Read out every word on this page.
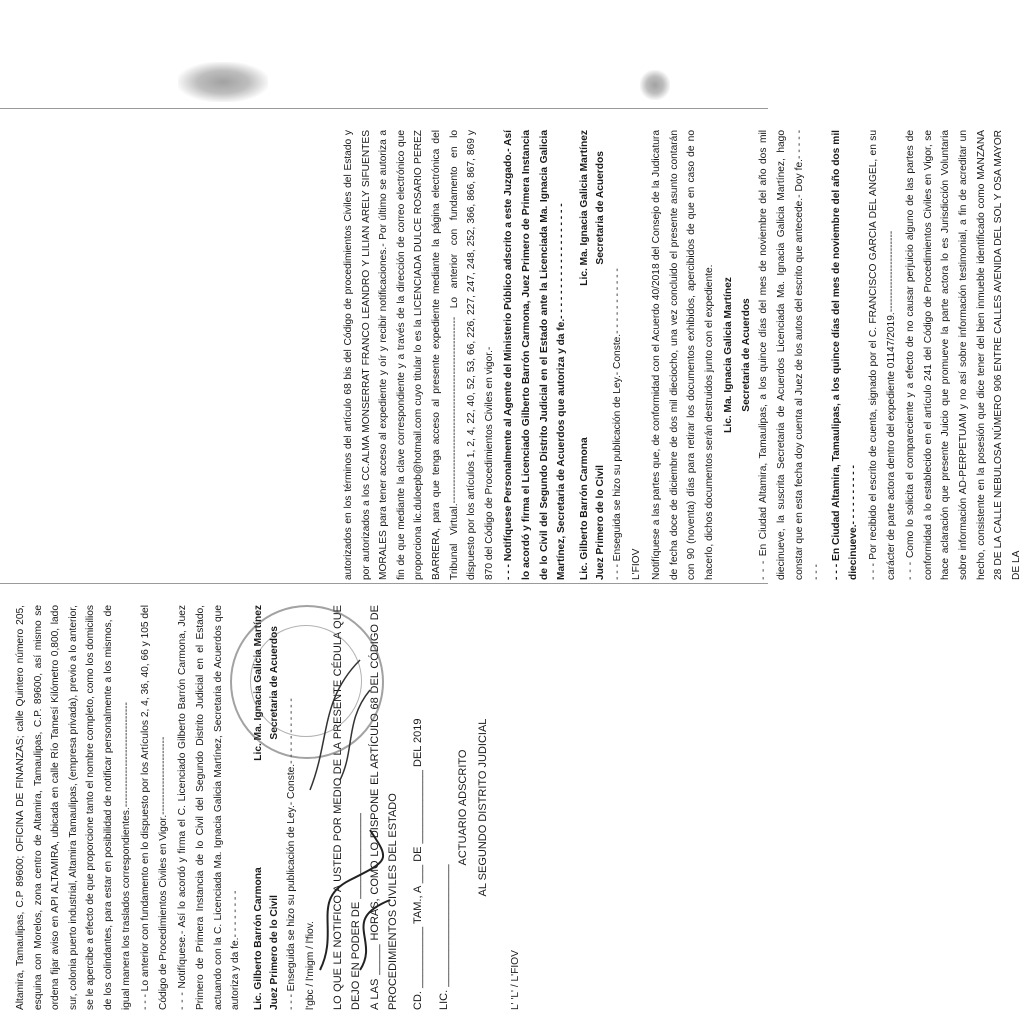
autorizados en los términos del artículo 68 bis del Código de procedimientos Civiles del Estado y por autorizados a los CC.ALMA MONSERRAT FRANCO LEANDRO Y LILIAN ARELY SIFUENTES MORALES para tener acceso al expediente y oír y recibir notificaciones.- Por último se autoriza a fin de que mediante la clave correspondiente y a través de la dirección de correo electrónico que proporciona lic.duloepb@hotmail.com cuyo titular lo es la LICENCIADA DULCE ROSARIO PEREZ BARRERA, para que tenga acceso al presente expediente mediante la página electrónica del Tribunal Virtual.------------------------------------------------------- Lo anterior con fundamento en lo dispuesto por los artículos 1, 2, 4, 22, 40, 52, 53, 66, 226, 227, 247, 248, 252, 366, 866, 867, 869 y 870 del Código de Procedimientos Civiles en vigor.- - - - Notifíquese Personalmente al Agente del Ministerio Público adscrito a este Juzgado.- Así lo acordó y firma el Licenciado Gilberto Barrón Carmona, Juez Primero de Primera Instancia de lo Civil del Segundo Distrito Judicial en el Estado ante la Licenciada Ma. Ignacia Galicia Martínez, Secretaria de Acuerdos que autoriza y da fe.- - - - - - - - - - - - - - - - - - -	Lic. Gilberto Barrón Carmona Juez Primero de lo Civil
Lic. Ma. Ignacia Galicia Martínez Secretaria de Acuerdos

- - - Enseguida se hizo su publicación de Ley.- Conste.- - - - - - - - - - - L'FIOV Notifíquese a las partes que, de conformidad con el Acuerdo 40/2018 del Consejo de la Judicatura de fecha doce de diciembre de dos mil dieciocho, una vez concluido el presente asunto contarán con 90 (noventa) días para retirar los documentos exhibidos, apercibidos de que en caso de no hacerlo, dichos documentos serán destruidos junto con el expediente. Lic. Ma. Ignacia Galicia Martínez Secretaria de Acuerdos - - - En Ciudad Altamira, Tamaulipas, a los quince días del mes de noviembre del año dos mil diecinueve, la suscrita Secretaria de Acuerdos Licenciada Ma. Ignacia Galicia Martínez, hago constar que en esta fecha doy cuenta al Juez de los autos del escrito que antecede.- Doy fe.- - - - - - - - - - - En Ciudad Altamira, Tamaulipas, a los quince días del mes de noviembre del año dos mil diecinueve.- - - - - - - - - - - - - Por recibido el escrito de cuenta, signado por el C. FRANCISCO GARCIA DEL ANGEL, en su carácter de parte actora dentro del expediente 01147/2019.------------------------ - - - Como lo solicita el compareciente y a efecto de no causar perjuicio alguno de las partes de conformidad a lo establecido en el artículo 241 del Código de Procedimientos Civiles en Vigor, se hace aclaración que presente Juicio que promueve la parte actora lo es Jurisdicción Voluntaria sobre información AD-PERPETUAM y no así sobre información testimonial, a fin de acreditar un hecho, consistente en la posesión que dice tener del bien inmueble identificado como MANZANA 28 DE LA CALLE NEBULOSA NÚMERO 906 ENTRE CALLES AVENIDA DEL SOL Y OSA MAYOR DE LA

Altamira, Tamaulipas, C.P 89600; OFICINA DE FINANZAS; calle Quintero número 205, esquina con Morelos, zona centro de Altamira, Tamaulipas, C.P. 89600, así mismo se ordena fijar aviso en API ALTAMIRA, ubicada en calle Río Tamesí Kilómetro 0,800, lado sur, colonia puerto industrial, Altamira Tamaulipas, (empresa privada), previo a lo anterior, se le apercibe a efecto de que proporcione tanto el nombre completo, como los domicilios de los colindantes, para estar en posibilidad de notificar personalmente a los mismos, de igual manera los traslados correspondientes.------------------------------- - - - Lo anterior con fundamento en lo dispuesto por los Artículos 2, 4, 36, 40, 66 y 105 del Código de Procedimientos Civiles en Vigor.----------------------- - - - Notifíquese.- Así lo acordó y firma el C. Licenciado Gilberto Barrón Carmona, Juez Primero de Primera Instancia de lo Civil del Segundo Distrito Judicial en el Estado, actuando con la C. Licenciada Ma. Ignacia Galicia Martínez, Secretaria de Acuerdos que autoriza y da fe.- - - - - - - -	Lic. Gilberto Barrón Carmona Juez Primero de lo Civil
Lic. Ma. Ignacia Galicia Martínez Secretaria de Acuerdos

- - - Enseguida se hizo su publicación de Ley.- Conste.- - - - - - - - - - - l'gbc / l'migm / l'fiov.	LO QUE LE NOTIFICO A USTED POR MEDIO DE LA PRESENTE CÉDULA QUE DEJO EN PODER DE ______________ A LAS _____ HORAS, COMO LO DISPONE EL ARTÍCULO 68 DEL CÓDIGO DE PROCEDIMIENTOS CIVILES DEL ESTADO	CD. __________ TAM., A ___ DE ____________ DEL 2019	LIC. ____________________

ACTUARIO ADSCRITO AL SEGUNDO DISTRITO JUDICIAL

L' 'L' / L'FIOV
